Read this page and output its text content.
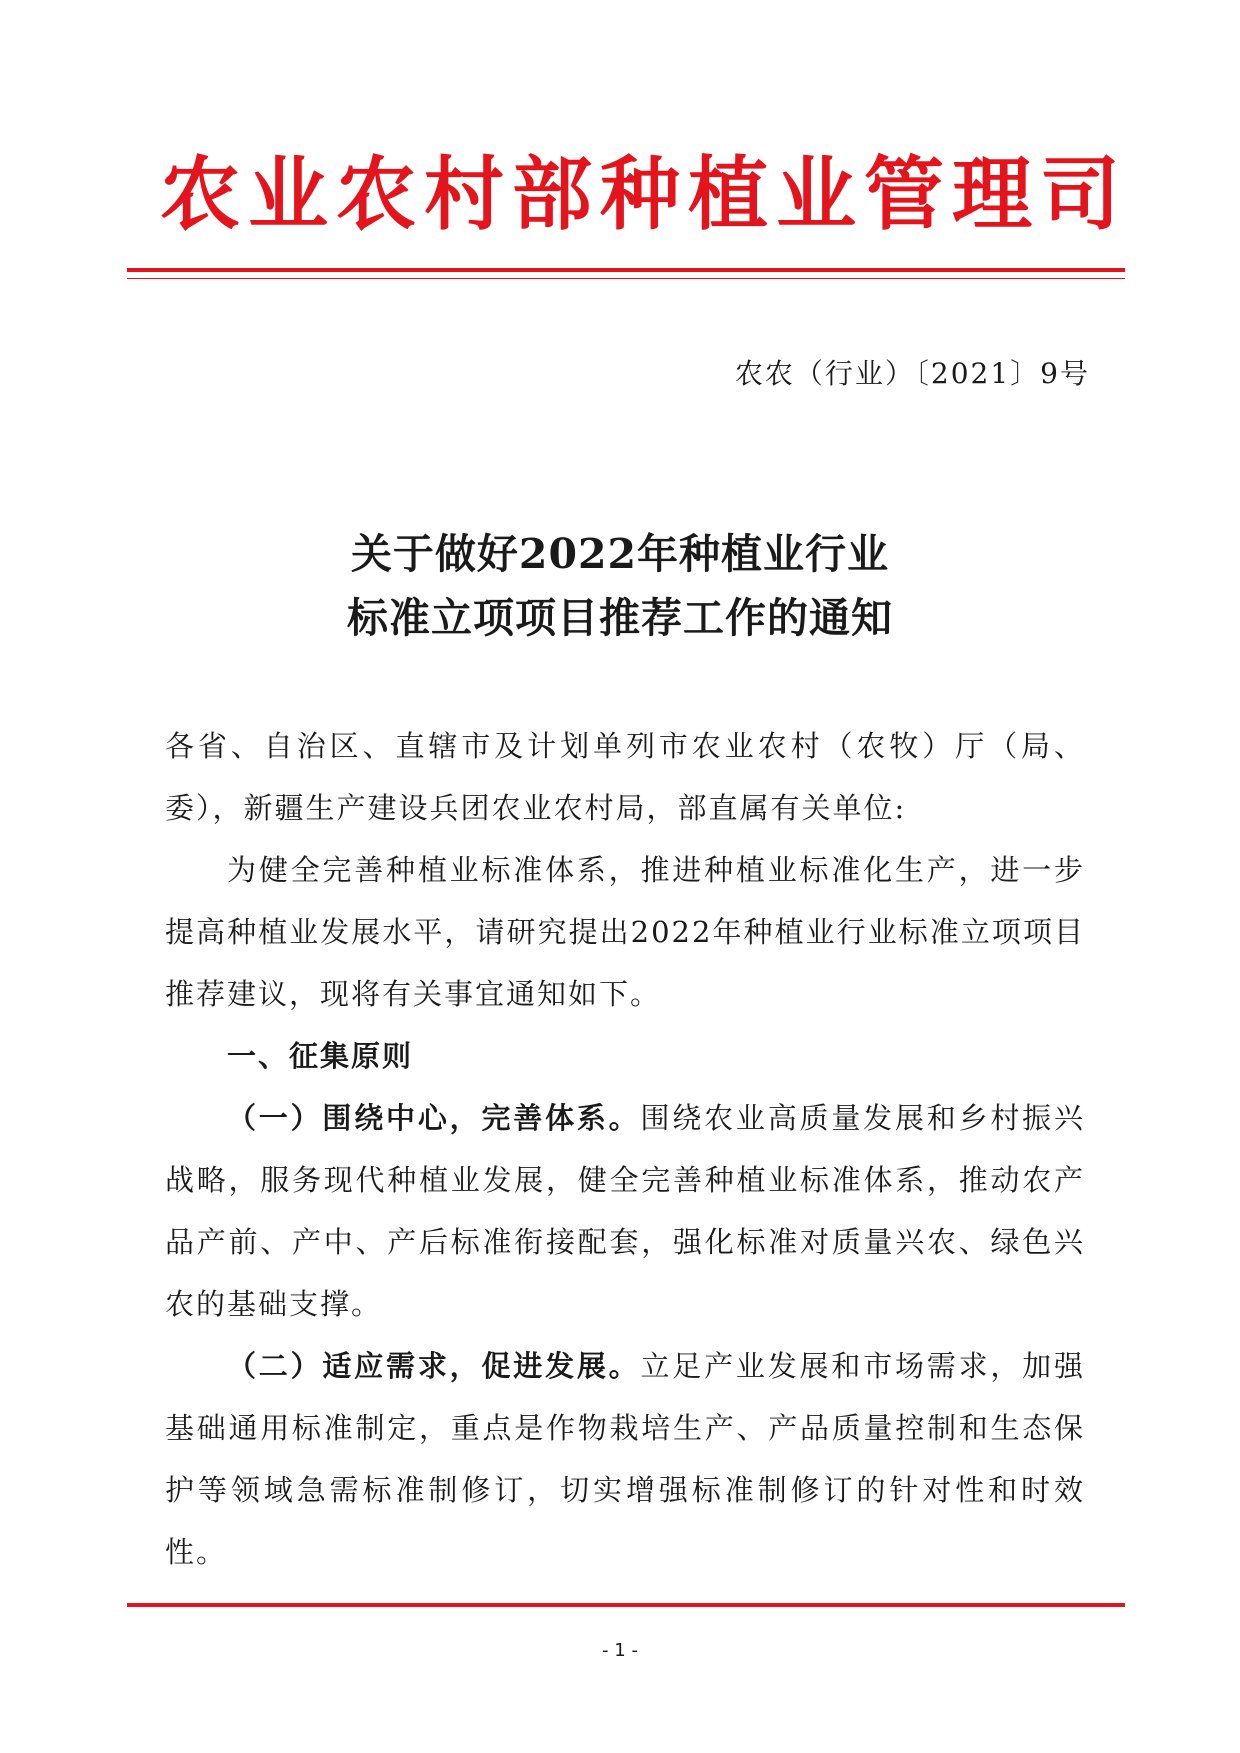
农业农村部种植业管理司
农农（行业）〔2021〕9号
关于做好2022年种植业行业
标准立项项目推荐工作的通知

各省、自治区、直辖市及计划单列市农业农村（农牧）厅（局、委），新疆生产建设兵团农业农村局，部直属有关单位:

为健全完善种植业标准体系，推进种植业标准化生产，进一步提高种植业发展水平，请研究提出2022年种植业行业标准立项项目推荐建议，现将有关事宜通知如下。

一、征集原则

（一）围绕中心，完善体系。围绕农业高质量发展和乡村振兴战略，服务现代种植业发展，健全完善种植业标准体系，推动农产品产前、产中、产后标准衔接配套，强化标准对质量兴农、绿色兴农的基础支撑。

（二）适应需求，促进发展。立足产业发展和市场需求，加强基础通用标准制定，重点是作物栽培生产、产品质量控制和生态保护等领域急需标准制修订，切实增强标准制修订的针对性和时效性。

- 1 -
